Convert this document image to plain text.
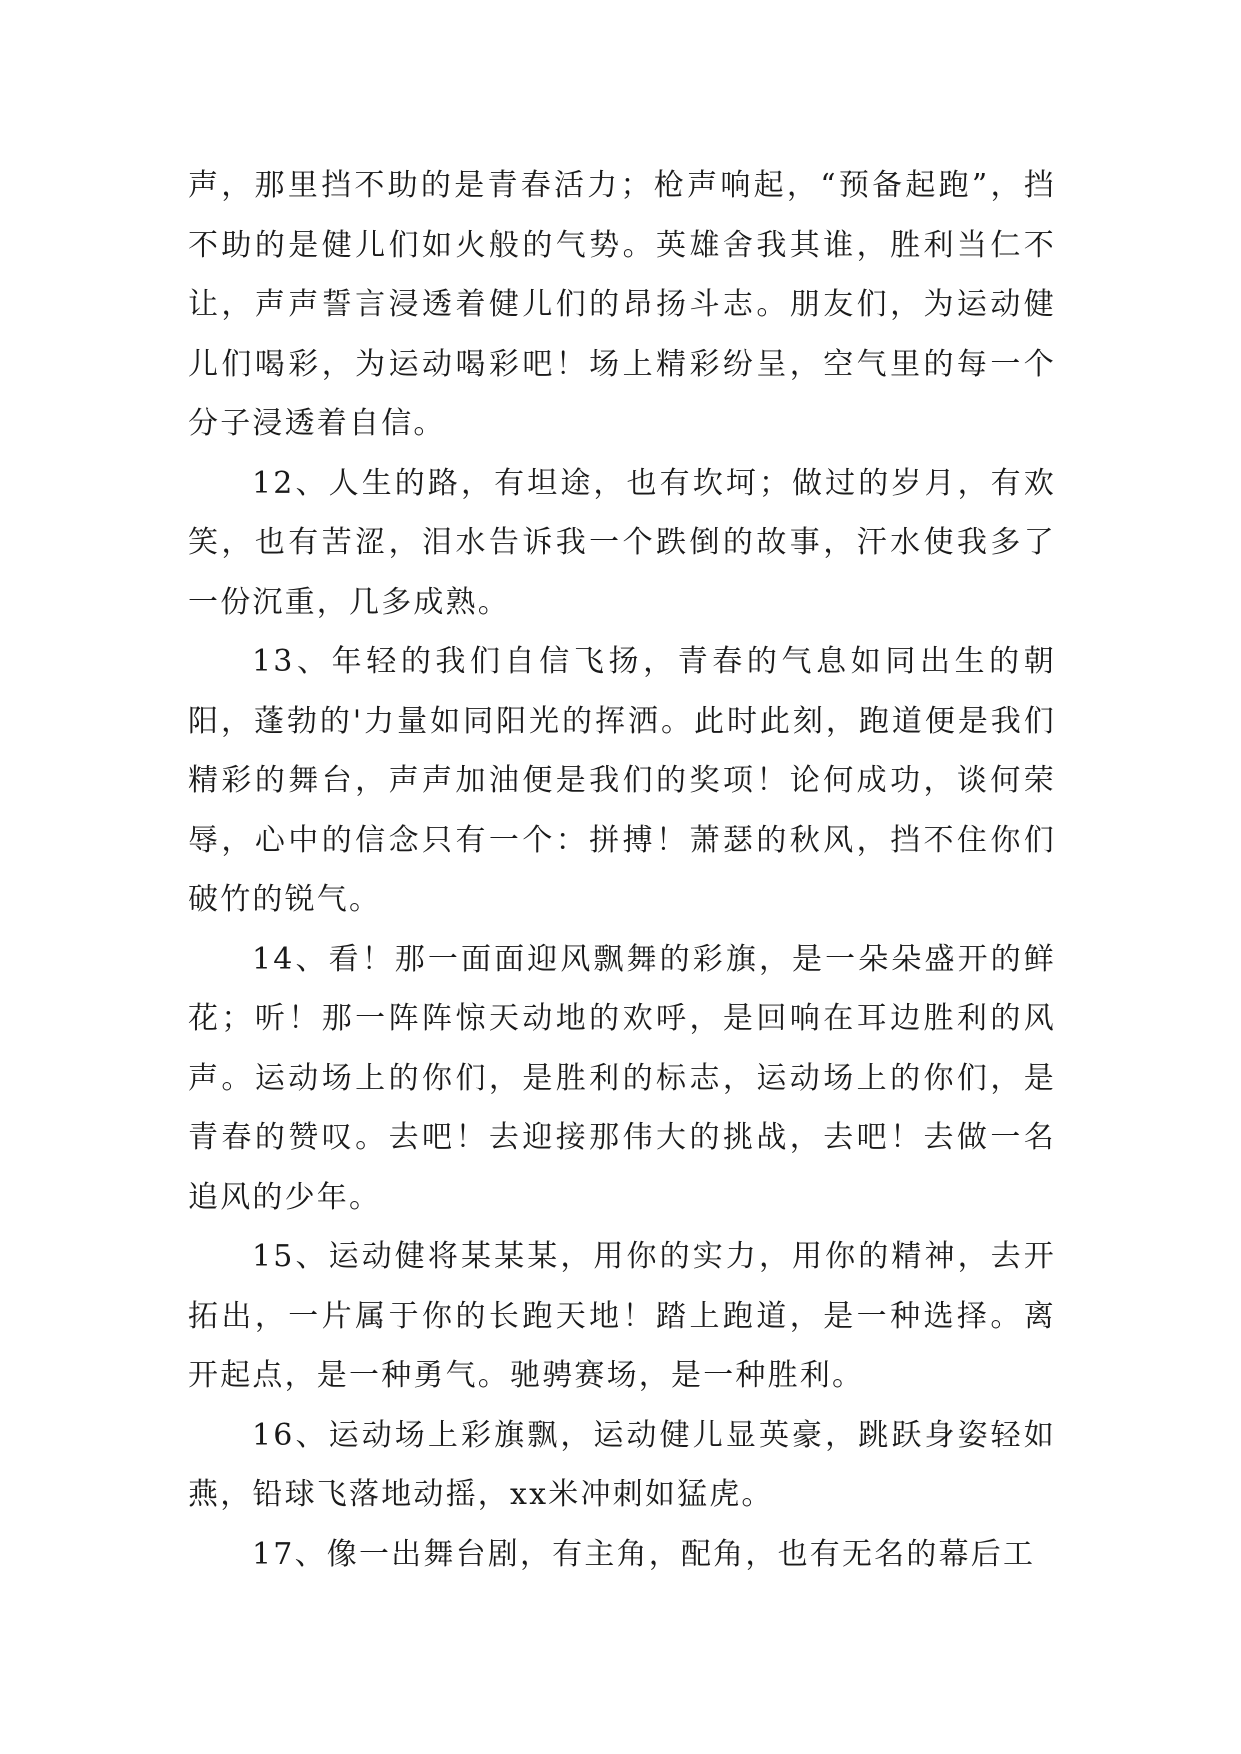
声，那里挡不助的是青春活力；枪声响起，“预备起跑”，挡不助的是健儿们如火般的气势。英雄舍我其谁，胜利当仁不让，声声誓言浸透着健儿们的昂扬斗志。朋友们，为运动健儿们喝彩，为运动喝彩吧！场上精彩纷呈，空气里的每一个分子浸透着自信。

12、人生的路，有坦途，也有坎坷；做过的岁月，有欢笑，也有苦涩，泪水告诉我一个跌倒的故事，汗水使我多了一份沉重，几多成熟。

13、年轻的我们自信飞扬，青春的气息如同出生的朝阳，蓬勃的'力量如同阳光的挥洒。此时此刻，跑道便是我们精彩的舞台，声声加油便是我们的奖项！论何成功，谈何荣辱，心中的信念只有一个：拼搏！萧瑟的秋风，挡不住你们破竹的锐气。

14、看！那一面面迎风飘舞的彩旗，是一朵朵盛开的鲜花；听！那一阵阵惊天动地的欢呼，是回响在耳边胜利的风声。运动场上的你们，是胜利的标志，运动场上的你们，是青春的赞叹。去吧！去迎接那伟大的挑战，去吧！去做一名追风的少年。

15、运动健将某某某，用你的实力，用你的精神，去开拓出，一片属于你的长跑天地！踏上跑道，是一种选择。离开起点，是一种勇气。驰骋赛场，是一种胜利。

16、运动场上彩旗飘，运动健儿显英豪，跳跃身姿轻如燕，铅球飞落地动摇，xx米冲刺如猛虎。

17、像一出舞台剧，有主角，配角，也有无名的幕后工
